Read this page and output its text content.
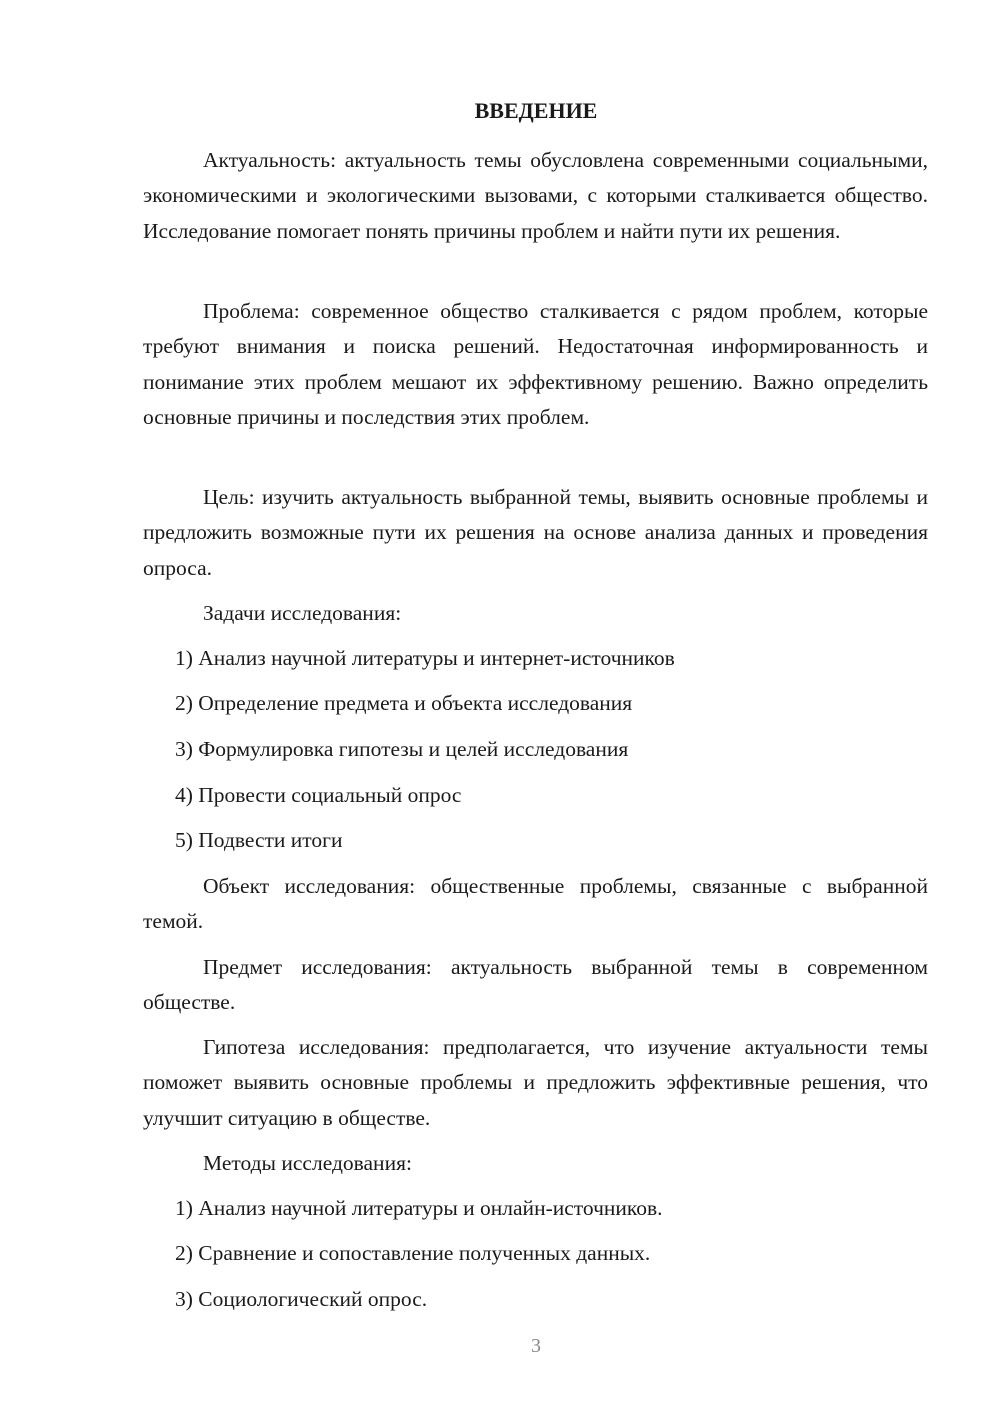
ВВЕДЕНИЕ

Актуальность: актуальность темы обусловлена современными социальными, экономическими и экологическими вызовами, с которыми сталкивается общество. Исследование помогает понять причины проблем и найти пути их решения.

Проблема: современное общество сталкивается с рядом проблем, которые требуют внимания и поиска решений. Недостаточная информированность и понимание этих проблем мешают их эффективному решению. Важно определить основные причины и последствия этих проблем.

Цель: изучить актуальность выбранной темы, выявить основные проблемы и предложить возможные пути их решения на основе анализа данных и проведения опроса.

Задачи исследования:

1) Анализ научной литературы и интернет-источников

2) Определение предмета и объекта исследования

3) Формулировка гипотезы и целей исследования

4) Провести социальный опрос

5) Подвести итоги

Объект исследования: общественные проблемы, связанные с выбранной темой.

Предмет исследования: актуальность выбранной темы в современном обществе.

Гипотеза исследования: предполагается, что изучение актуальности темы поможет выявить основные проблемы и предложить эффективные решения, что улучшит ситуацию в обществе.

Методы исследования:

1) Анализ научной литературы и онлайн-источников.

2) Сравнение и сопоставление полученных данных.

3) Социологический опрос.

3
